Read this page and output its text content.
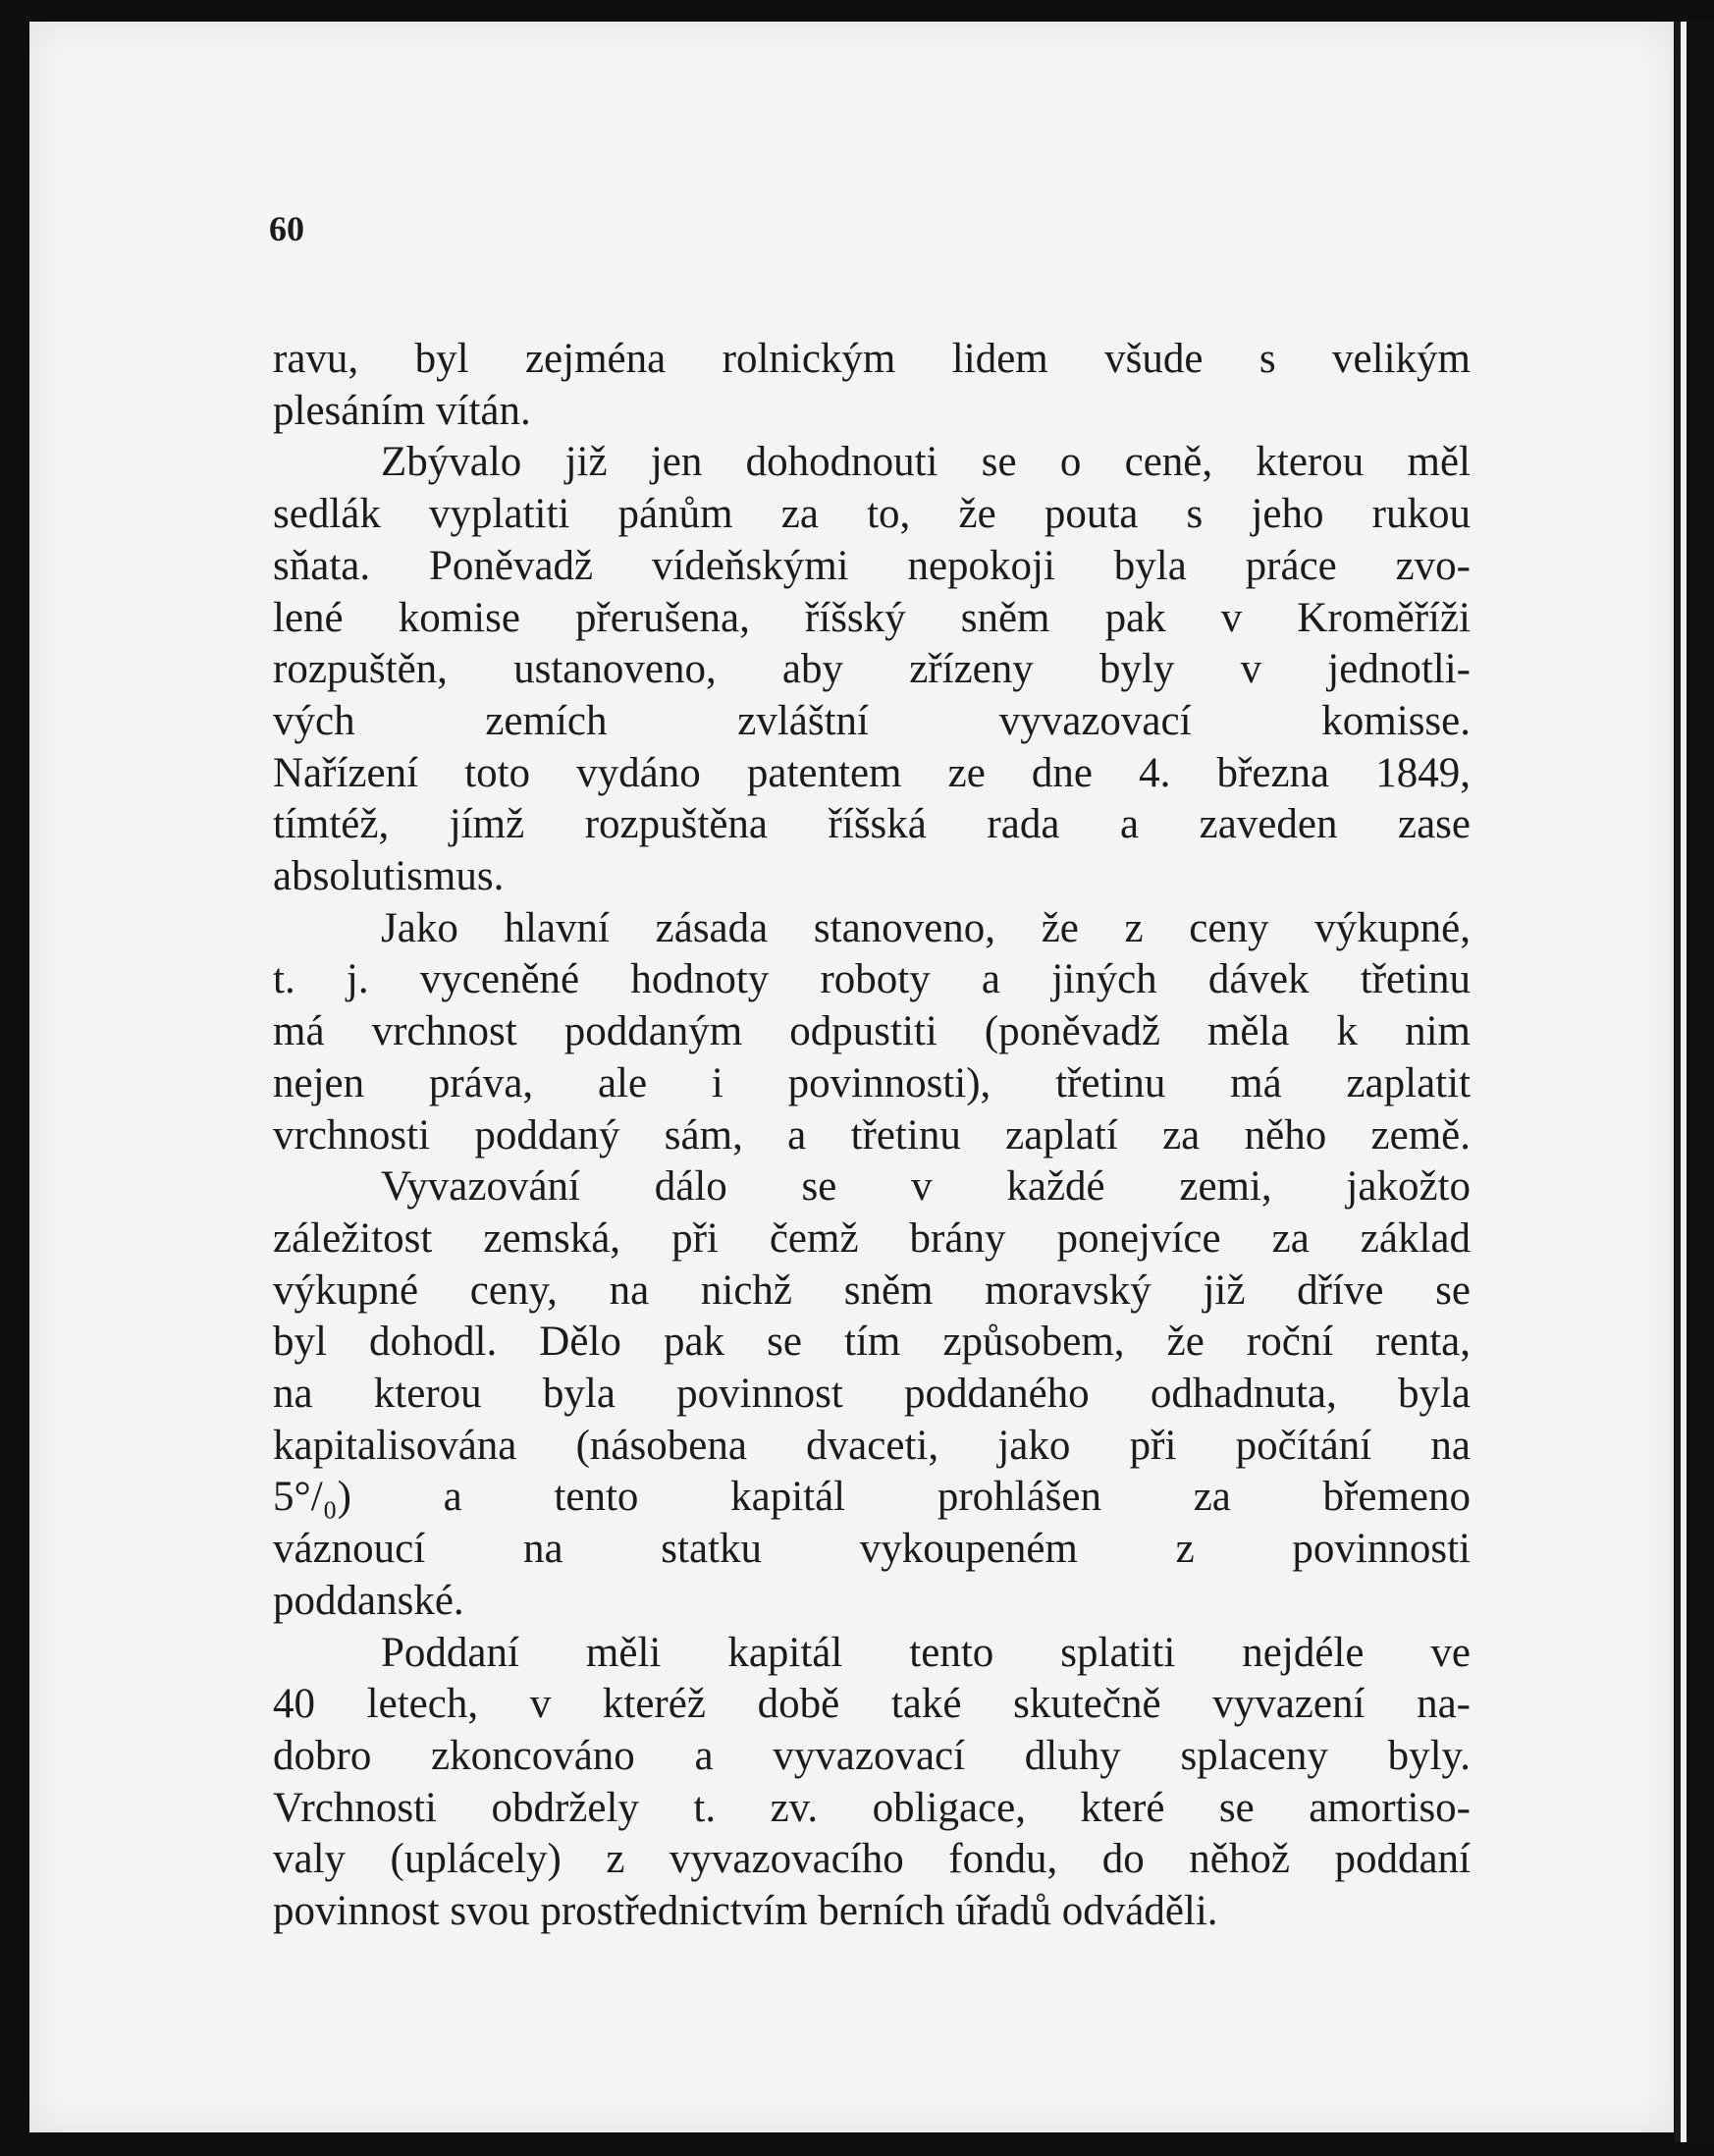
60
ravu, byl zejména rolnickým lidem všude s velikým
plesáním vítán.
Zbývalo již jen dohodnouti se o ceně, kterou měl
sedlák vyplatiti pánům za to, že pouta s jeho rukou
sňata. Poněvadž vídeňskými nepokoji byla práce zvo-
lené komise přerušena, říšský sněm pak v Kroměříži
rozpuštěn, ustanoveno, aby zřízeny byly v jednotli-
vých zemích zvláštní vyvazovací komisse.
Nařízení toto vydáno patentem ze dne 4. března 1849,
tímtéž, jímž rozpuštěna říšská rada a zaveden zase
absolutismus.
Jako hlavní zásada stanoveno, že z ceny výkupné,
t. j. vyceněné hodnoty roboty a jiných dávek třetinu
má vrchnost poddaným odpustiti (poněvadž měla k nim
nejen práva, ale i povinnosti), třetinu má zaplatit
vrchnosti poddaný sám, a třetinu zaplatí za něho země.
Vyvazování dálo se v každé zemi, jakožto
záležitost zemská, při čemž brány ponejvíce za základ
výkupné ceny, na nichž sněm moravský již dříve se
byl dohodl. Dělo pak se tím způsobem, že roční renta,
na kterou byla povinnost poddaného odhadnuta, byla
kapitalisována (násobena dvaceti, jako při počítání na
5°/₀) a tento kapitál prohlášen za břemeno
váznoucí na statku vykoupeném z povinnosti
poddanské.
Poddaní měli kapitál tento splatiti nejdéle ve
40 letech, v kteréž době také skutečně vyvazení na-
dobro zkoncováno a vyvazovací dluhy splaceny byly.
Vrchnosti obdržely t. zv. obligace, které se amortiso-
valy (uplácely) z vyvazovacího fondu, do něhož poddaní
povinnost svou prostřednictvím berních úřadů odváděli.
